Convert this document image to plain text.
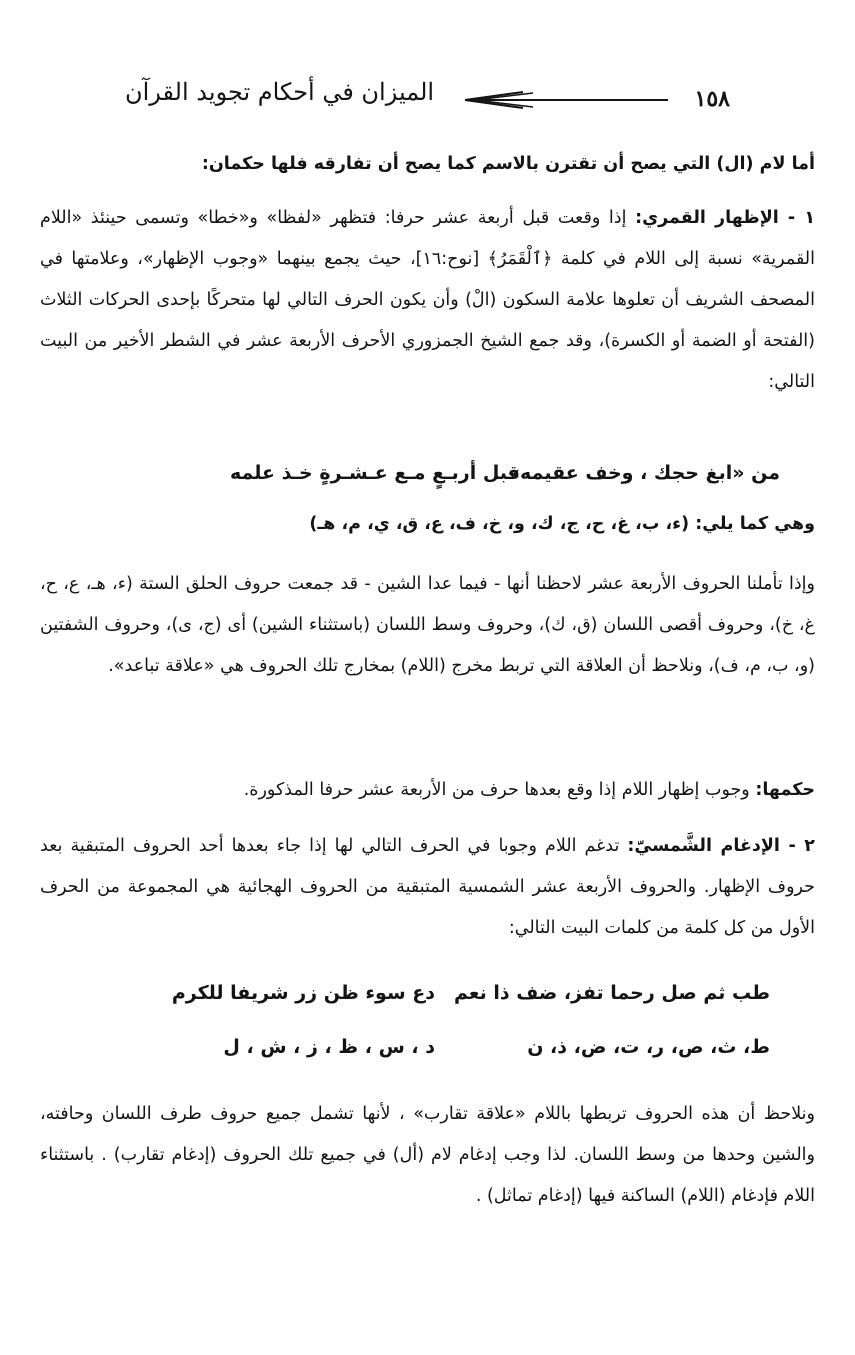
١٥٨
الميزان في أحكام تجويد القرآن
أما لام (ال) التي يصح أن تقترن بالاسم كما يصح أن تفارقه فلها حكمان:
١ - الإظهار القمري: إذا وقعت قبل أربعة عشر حرفا: فتظهر «لفظا» و«خطا» وتسمى حينئذ «اللام القمرية» نسبة إلى اللام في كلمة ﴿ٱلْقَمَرُ﴾ [نوح:١٦]، حيث يجمع بينهما «وجوب الإظهار»، وعلامتها في المصحف الشريف أن تعلوها علامة السكون (الْ) وأن يكون الحرف التالي لها متحركًا بإحدى الحركات الثلاث (الفتحة أو الضمة أو الكسرة)، وقد جمع الشيخ الجمزوري الأحرف الأربعة عشر في الشطر الأخير من البيت التالي:
قبل أربـعٍ مـع عـشـرةٍ خـذ علمه
من «ابغ حجك ، وخف عقيمه»
وهي كما يلي: (ء، ب، غ، ح، ج، ك، و، خ، ف، ع، ق، ي، م، هـ)
وإذا تأملنا الحروف الأربعة عشر لاحظنا أنها - فيما عدا الشين - قد جمعت حروف الحلق الستة (ء، هـ، ع، ح، غ، خ)، وحروف أقصى اللسان (ق، ك)، وحروف وسط اللسان (باستثناء الشين) أى (ج، ى)، وحروف الشفتين (و، ب، م، ف)، ونلاحظ أن العلاقة التي تربط مخرج (اللام) بمخارج تلك الحروف هي «علاقة تباعد».
حكمها: وجوب إظهار اللام إذا وقع بعدها حرف من الأربعة عشر حرفا المذكورة.
٢ - الإدغام الشَّمسيّ: تدغم اللام وجوبا في الحرف التالي لها إذا جاء بعدها أحد الحروف المتبقية بعد حروف الإظهار. والحروف الأربعة عشر الشمسية المتبقية من الحروف الهجائية هي المجموعة من الحرف الأول من كل كلمة من كلمات البيت التالي:
طب ثم صل رحما تفز، ضف ذا نعم
دع سوء ظن زر شريفا للكرم
ط، ث، ص، ر، ت، ض، ذ، ن
د ، س ، ظ ، ز ، ش ، ل
ونلاحظ أن هذه الحروف تربطها باللام «علاقة تقارب» ، لأنها تشمل جميع حروف طرف اللسان وحافته، والشين وحدها من وسط اللسان. لذا وجب إدغام لام (أل) في جميع تلك الحروف (إدغام تقارب) . باستثناء اللام فإدغام (اللام) الساكنة فيها (إدغام تماثل) .
